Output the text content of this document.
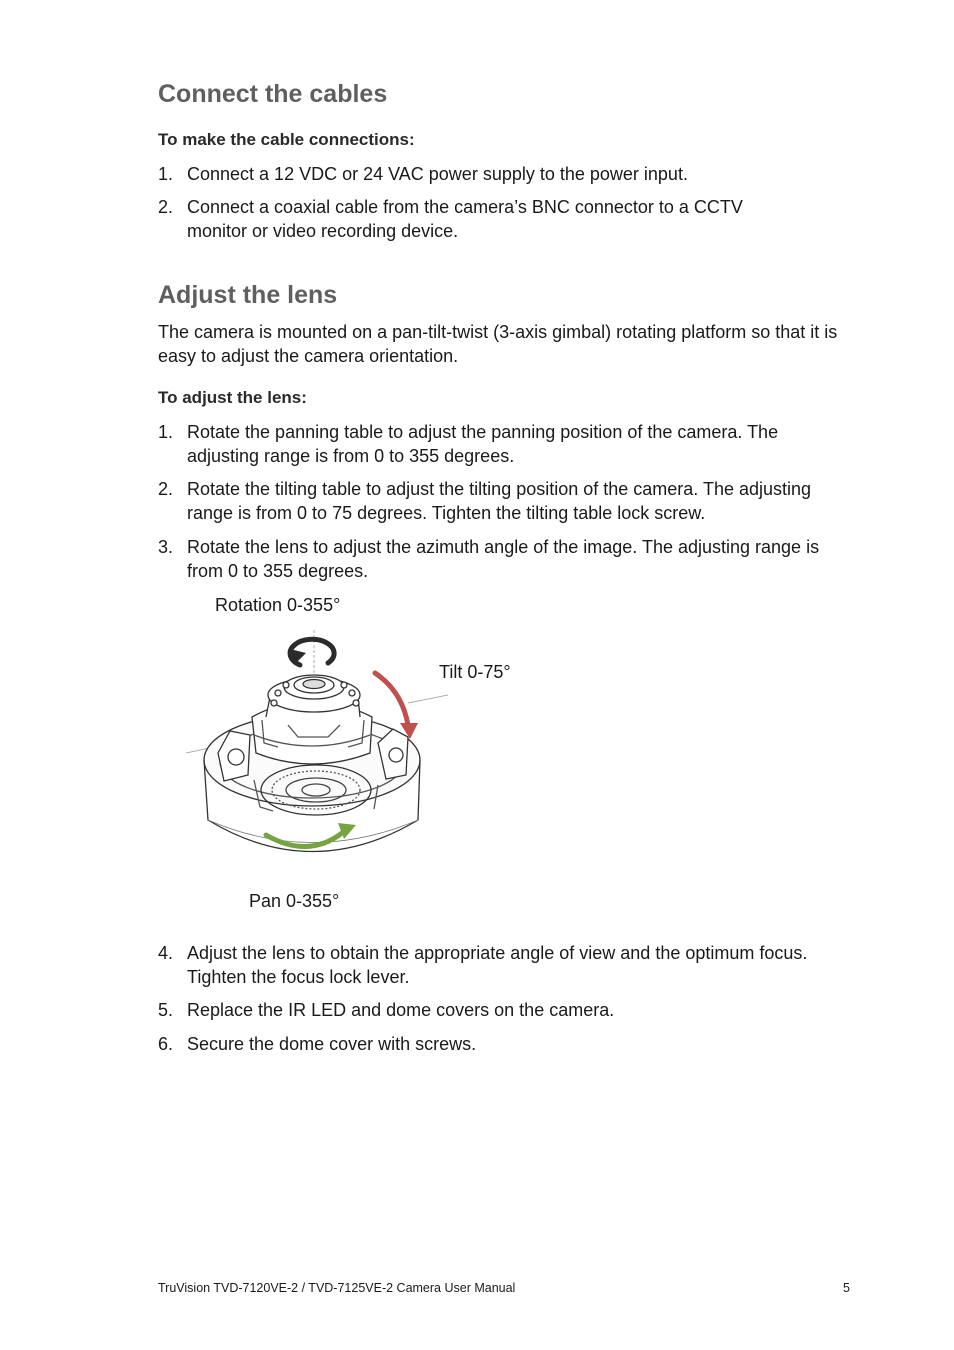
Connect the cables

To make the cable connections:

1. Connect a 12 VDC or 24 VAC power supply to the power input.
2. Connect a coaxial cable from the camera’s BNC connector to a CCTV monitor or video recording device.
Adjust the lens

The camera is mounted on a pan-tilt-twist (3-axis gimbal) rotating platform so that it is easy to adjust the camera orientation.

To adjust the lens:

1. Rotate the panning table to adjust the panning position of the camera. The adjusting range is from 0 to 355 degrees.
2. Rotate the tilting table to adjust the tilting position of the camera. The adjusting range is from 0 to 75 degrees. Tighten the tilting table lock screw.
3. Rotate the lens to adjust the azimuth angle of the image. The adjusting range is from 0 to 355 degrees.
Rotation 0-355°
Tilt 0-75°
Pan 0-355°
4. Adjust the lens to obtain the appropriate angle of view and the optimum focus. Tighten the focus lock lever.
5. Replace the IR LED and dome covers on the camera.
6. Secure the dome cover with screws.
TruVision TVD-7120VE-2 / TVD-7125VE-2 Camera User Manual	5
